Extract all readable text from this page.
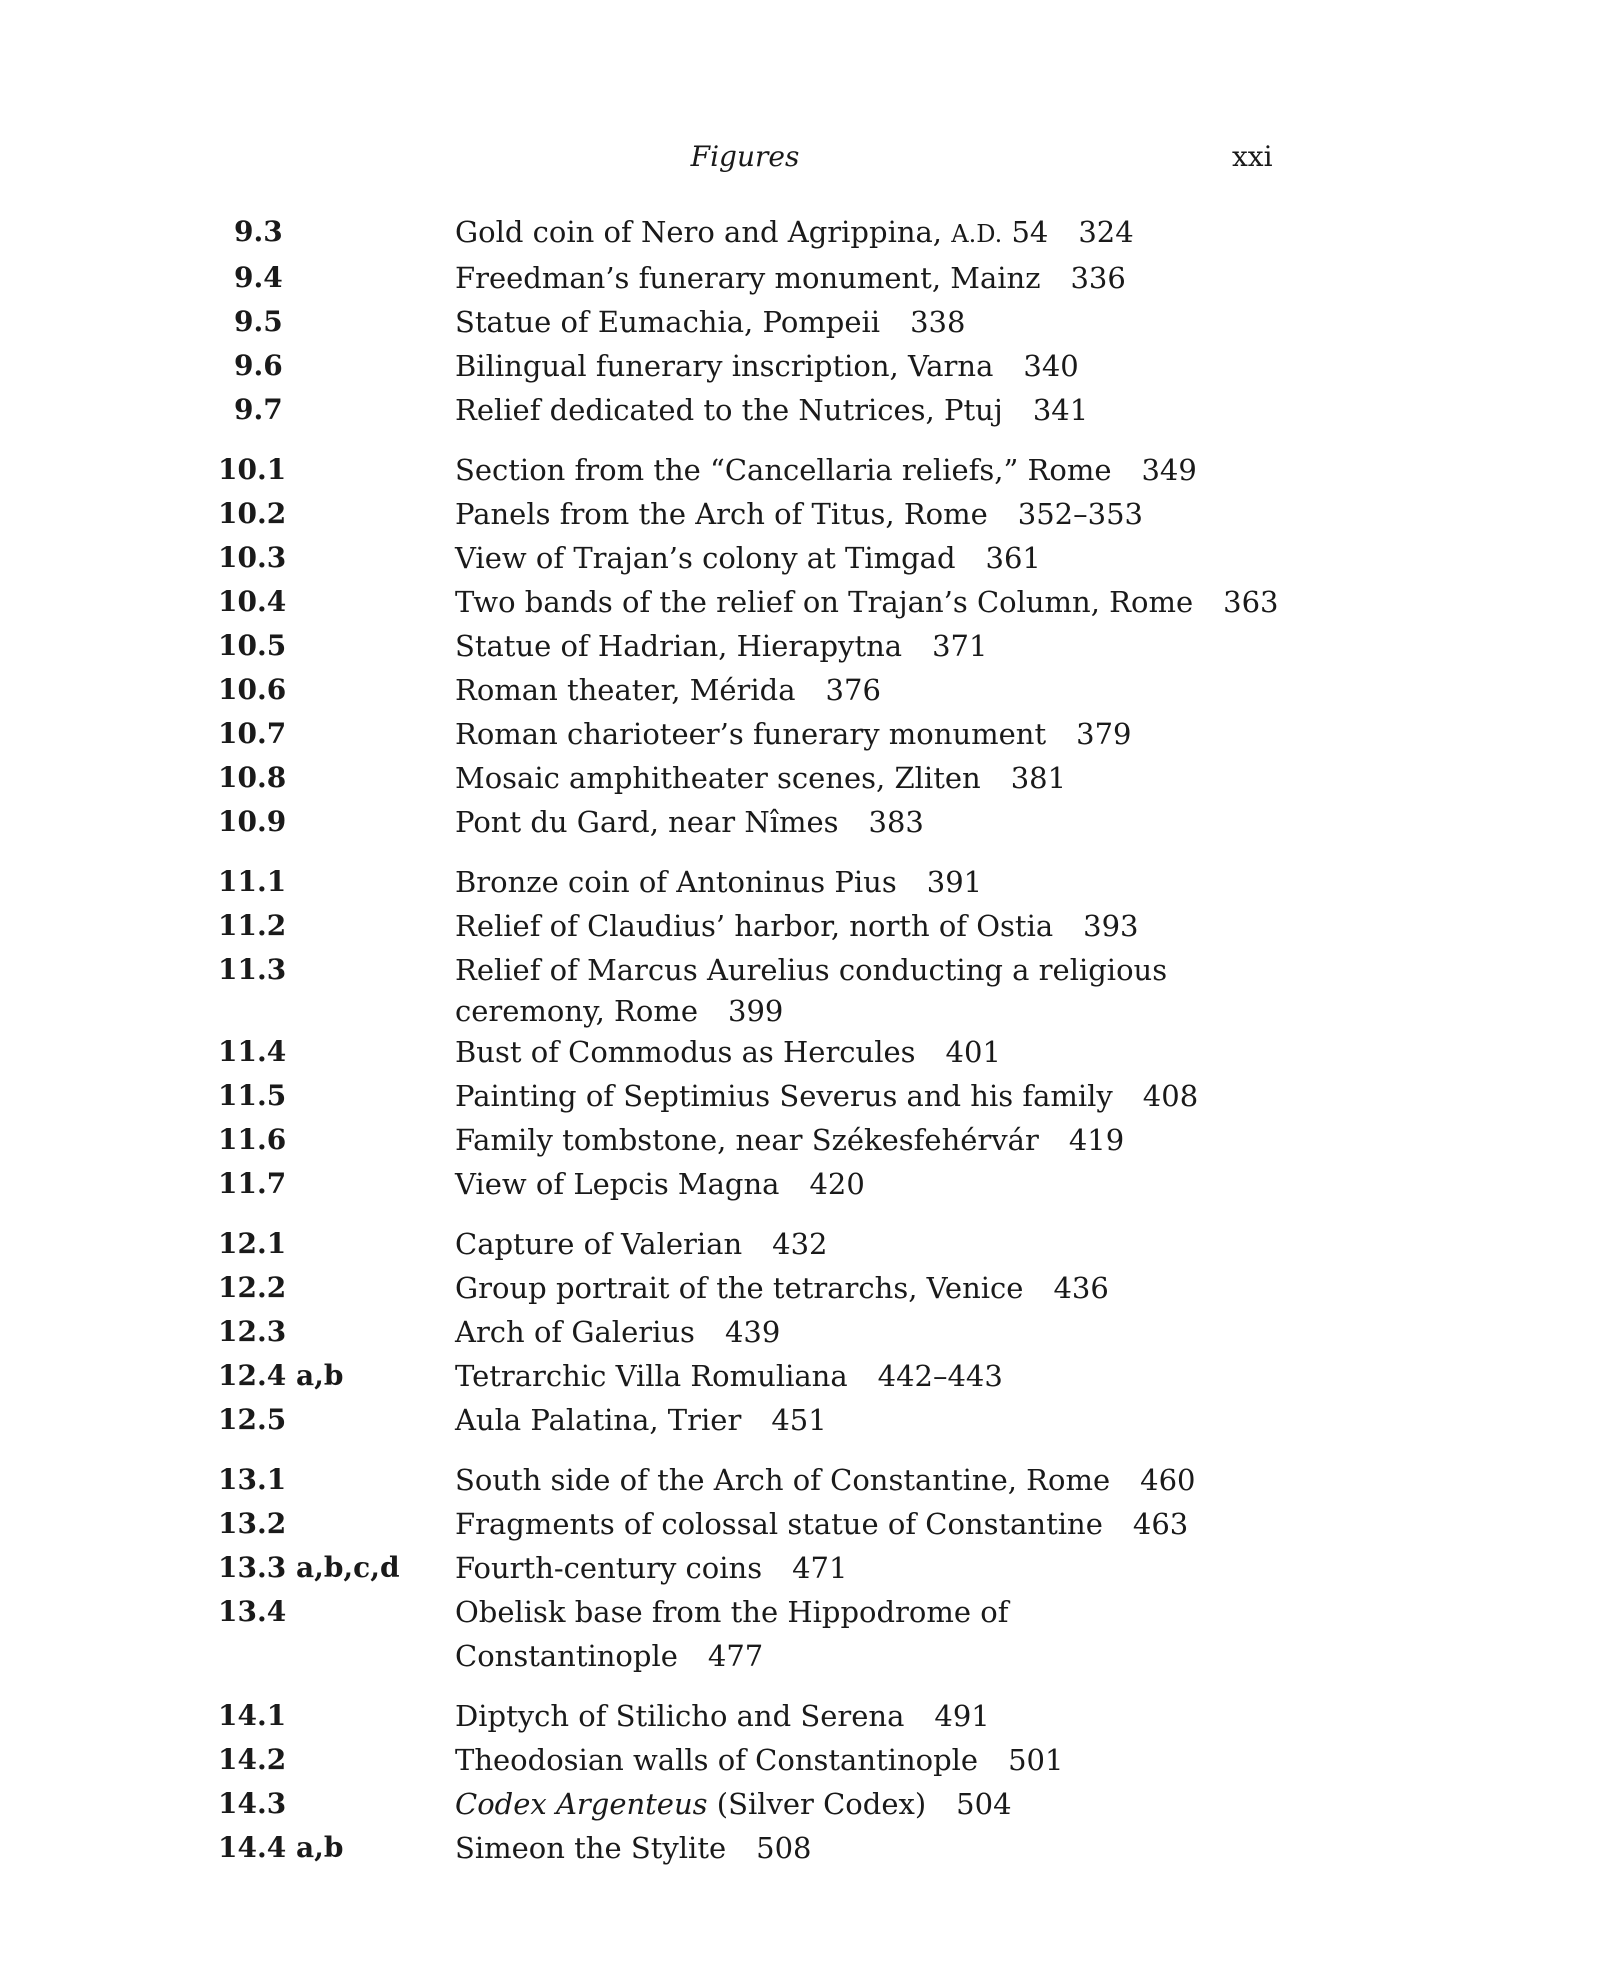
Figures	xxi
9.3	Gold coin of Nero and Agrippina, A.D. 54 324
9.4	Freedman’s funerary monument, Mainz 336
9.5	Statue of Eumachia, Pompeii 338
9.6	Bilingual funerary inscription, Varna 340
9.7	Relief dedicated to the Nutrices, Ptuj 341
10.1	Section from the “Cancellaria reliefs,” Rome 349
10.2	Panels from the Arch of Titus, Rome 352–353
10.3	View of Trajan’s colony at Timgad 361
10.4	Two bands of the relief on Trajan’s Column, Rome 363
10.5	Statue of Hadrian, Hierapytna 371
10.6	Roman theater, Mérida 376
10.7	Roman charioteer’s funerary monument 379
10.8	Mosaic amphitheater scenes, Zliten 381
10.9	Pont du Gard, near Nîmes 383
11.1	Bronze coin of Antoninus Pius 391
11.2	Relief of Claudius’ harbor, north of Ostia 393
11.3	Relief of Marcus Aurelius conducting a religious
ceremony, Rome 399
11.4	Bust of Commodus as Hercules 401
11.5	Painting of Septimius Severus and his family 408
11.6	Family tombstone, near Székesfehérvár 419
11.7	View of Lepcis Magna 420
12.1	Capture of Valerian 432
12.2	Group portrait of the tetrarchs, Venice 436
12.3	Arch of Galerius 439
12.4 a,b	Tetrarchic Villa Romuliana 442–443
12.5	Aula Palatina, Trier 451
13.1	South side of the Arch of Constantine, Rome 460
13.2	Fragments of colossal statue of Constantine 463
13.3 a,b,c,d	Fourth-century coins 471
13.4	Obelisk base from the Hippodrome of Constantinople 477
14.1	Diptych of Stilicho and Serena 491
14.2	Theodosian walls of Constantinople 501
14.3	Codex Argenteus (Silver Codex) 504
14.4 a,b	Simeon the Stylite 508
